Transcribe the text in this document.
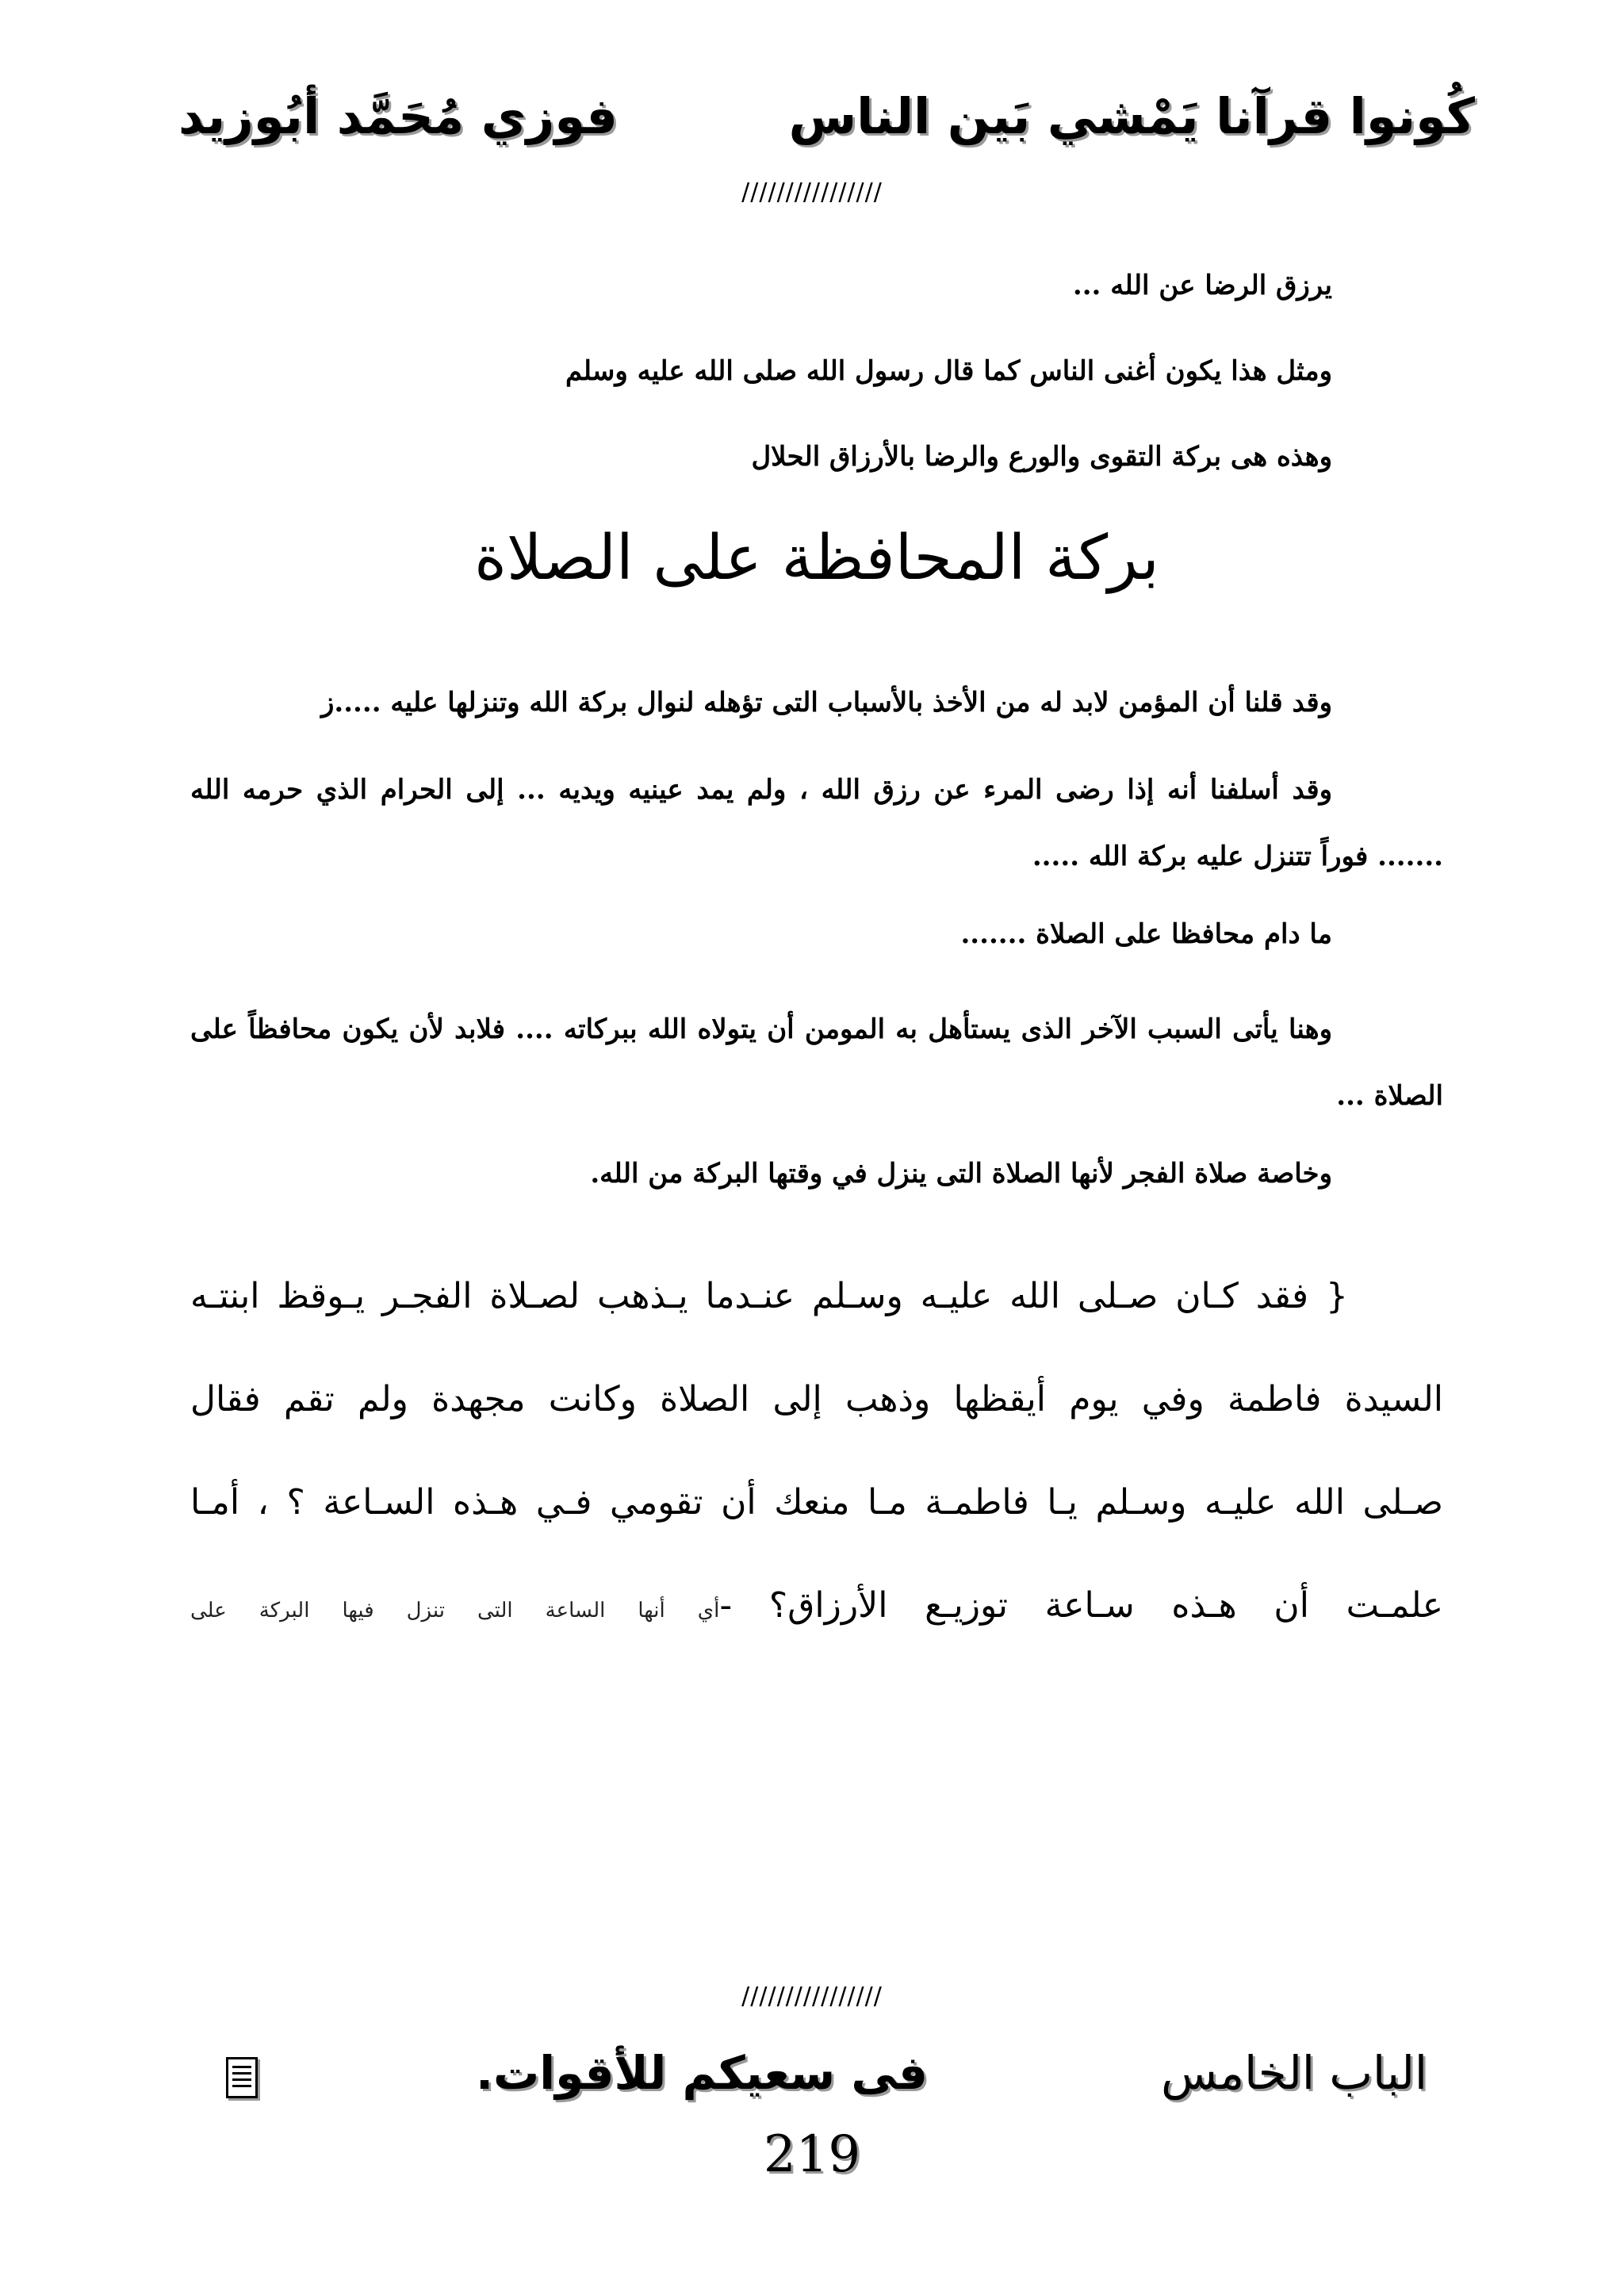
كُونوا قرآنا يَمْشي بَين الناس
فوزي مُحَمَّد أبُوزيد
////////////////

يرزق الرضا عن الله ...

ومثل هذا يكون أغنى الناس كما قال رسول الله صلى الله عليه وسلم

وهذه هى بركة التقوى والورع والرضا بالأرزاق الحلال

بركة المحافظة على الصلاة

وقد قلنا أن المؤمن لابد له من الأخذ بالأسباب التى تؤهله لنوال بركة الله وتنزلها عليه .....ز

وقد أسلفنا أنه إذا رضى المرء عن رزق الله ، ولم يمد عينيه ويديه ... إلى الحرام الذي حرمه الله ....... فوراً تتنزل عليه بركة الله .....

ما دام محافظا على الصلاة .......

وهنا يأتى السبب الآخر الذى يستأهل به المومن أن يتولاه الله ببركاته .... فلابد لأن يكون محافظاً على الصلاة ...

وخاصة صلاة الفجر لأنها الصلاة التى ينزل في وقتها البركة من الله.

{ فقد كـان صـلى الله عليـه وسـلم عنـدما يـذهب لصـلاة الفجـر يـوقظ ابنتـه
السيدة فاطمة وفي يوم أيقظها وذهب إلى الصلاة وكانت مجهدة ولم تقم فقال
صـلى الله عليـه وسـلم يـا فاطمـة مـا منعك أن تقومي فـي هـذه السـاعة ؟ ، أمـا
علمـت أن هـذه سـاعة توزيـع الأرزاق؟ -أي أنها الساعة التى تنزل فيها البركة على
////////////////
الباب الخامس
فى سعيكم للأقوات.
219
